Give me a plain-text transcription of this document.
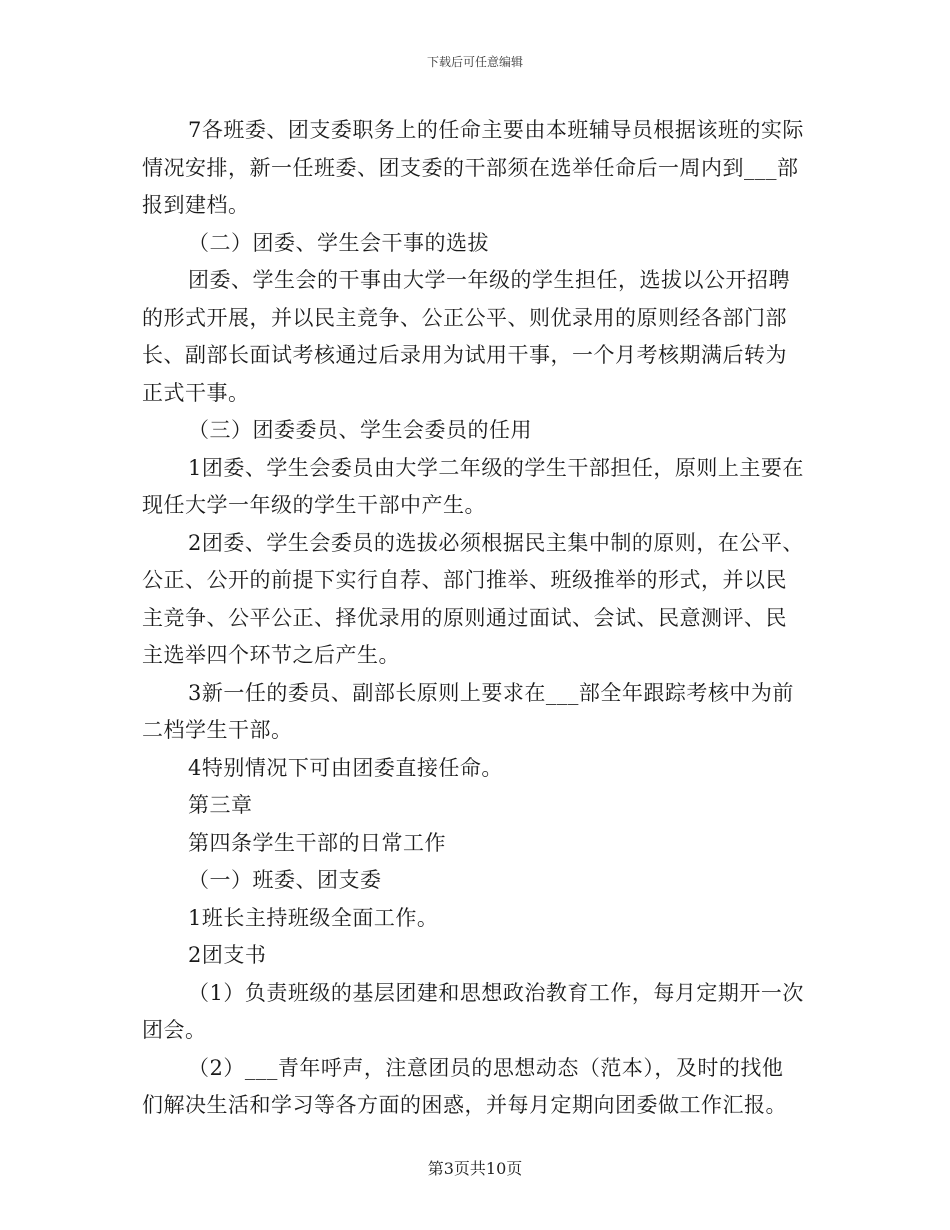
下载后可任意编辑
7各班委、团支委职务上的任命主要由本班辅导员根据该班的实际
情况安排，新一任班委、团支委的干部须在选举任命后一周内到___部
报到建档。
（二）团委、学生会干事的选拔
团委、学生会的干事由大学一年级的学生担任，选拔以公开招聘
的形式开展，并以民主竞争、公正公平、则优录用的原则经各部门部
长、副部长面试考核通过后录用为试用干事，一个月考核期满后转为
正式干事。
（三）团委委员、学生会委员的任用
1团委、学生会委员由大学二年级的学生干部担任，原则上主要在
现任大学一年级的学生干部中产生。
2团委、学生会委员的选拔必须根据民主集中制的原则，在公平、
公正、公开的前提下实行自荐、部门推举、班级推举的形式，并以民
主竞争、公平公正、择优录用的原则通过面试、会试、民意测评、民
主选举四个环节之后产生。
3新一任的委员、副部长原则上要求在___部全年跟踪考核中为前
二档学生干部。
4特别情况下可由团委直接任命。
第三章
第四条学生干部的日常工作
（一）班委、团支委
1班长主持班级全面工作。
2团支书
（1）负责班级的基层团建和思想政治教育工作，每月定期开一次
团会。
（2）___青年呼声，注意团员的思想动态（范本），及时的找他
们解决生活和学习等各方面的困惑，并每月定期向团委做工作汇报。
第3页共10页
